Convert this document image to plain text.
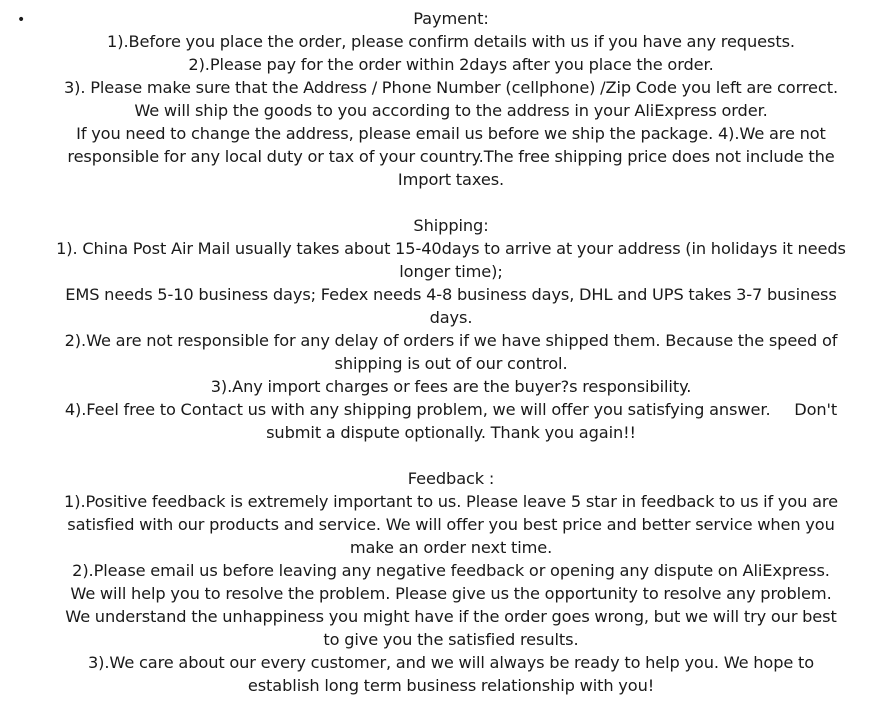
•	Payment:
1).Before you place the order, please confirm details with us if you have any requests.
2).Please pay for the order within 2days after you place the order.
3). Please make sure that the Address / Phone Number (cellphone) /Zip Code you left are correct.
We will ship the goods to you according to the address in your AliExpress order.
If you need to change the address, please email us before we ship the package. 4).We are not
responsible for any local duty or tax of your country.The free shipping price does not include the
Import taxes.
Shipping:
1). China Post Air Mail usually takes about 15-40days to arrive at your address (in holidays it needs
longer time);
EMS needs 5-10 business days; Fedex needs 4-8 business days, DHL and UPS takes 3-7 business
days.
2).We are not responsible for any delay of orders if we have shipped them. Because the speed of
shipping is out of our control.
3).Any import charges or fees are the buyer?s responsibility.
4).Feel free to Contact us with any shipping problem, we will offer you satisfying answer.     Don't
submit a dispute optionally. Thank you again!!
Feedback :
1).Positive feedback is extremely important to us. Please leave 5 star in feedback to us if you are
satisfied with our products and service. We will offer you best price and better service when you
make an order next time.
2).Please email us before leaving any negative feedback or opening any dispute on AliExpress.
We will help you to resolve the problem. Please give us the opportunity to resolve any problem.
We understand the unhappiness you might have if the order goes wrong, but we will try our best
to give you the satisfied results.
3).We care about our every customer, and we will always be ready to help you. We hope to
establish long term business relationship with you!
